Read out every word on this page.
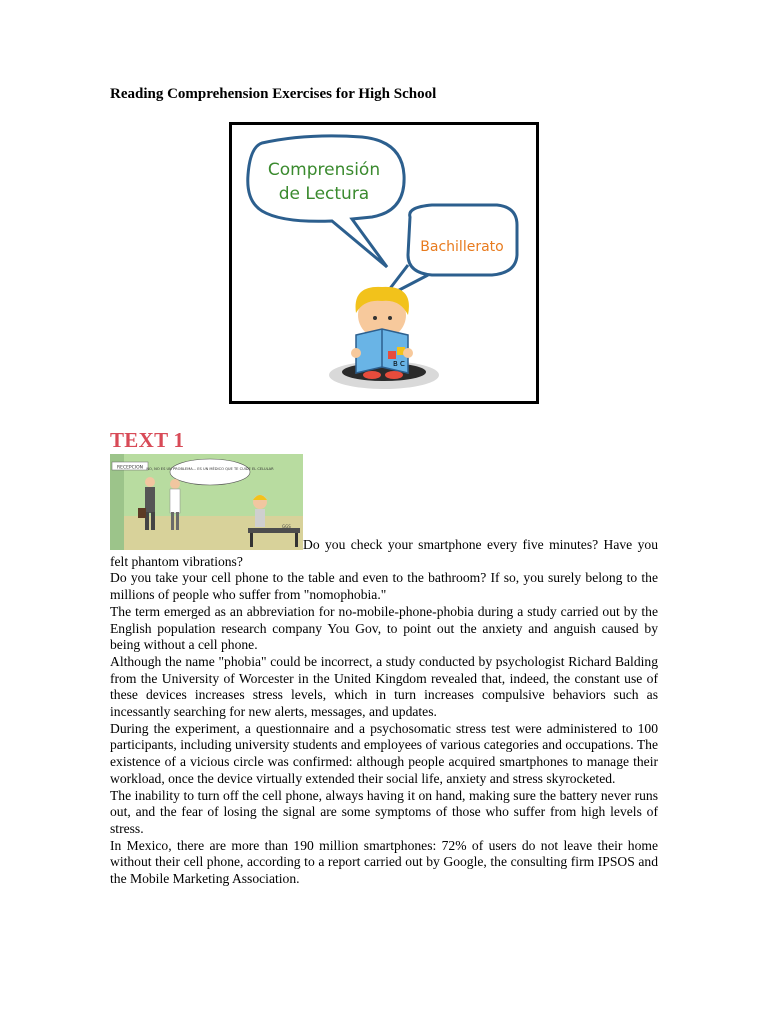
Reading Comprehension Exercises for High School
Comprensión
de Lectura
Bachillerato
B C
TEXT 1
RECEPCION NO, NO ES UN PROBLEMA... ES UN MÉDICO QUE TE CUIDE EL CELULAR
GGS

Do you check your smartphone every five minutes? Have you felt phantom vibrations?

Do you take your cell phone to the table and even to the bathroom? If so, you surely belong to the millions of people who suffer from "nomophobia."

The term emerged as an abbreviation for no-mobile-phone-phobia during a study carried out by the English population research company You Gov, to point out the anxiety and anguish caused by being without a cell phone.

Although the name "phobia" could be incorrect, a study conducted by psychologist Richard Balding from the University of Worcester in the United Kingdom revealed that, indeed, the constant use of these devices increases stress levels, which in turn increases compulsive behaviors such as incessantly searching for new alerts, messages, and updates.

During the experiment, a questionnaire and a psychosomatic stress test were administered to 100 participants, including university students and employees of various categories and occupations. The existence of a vicious circle was confirmed: although people acquired smartphones to manage their workload, once the device virtually extended their social life, anxiety and stress skyrocketed.

The inability to turn off the cell phone, always having it on hand, making sure the battery never runs out, and the fear of losing the signal are some symptoms of those who suffer from high levels of stress.

In Mexico, there are more than 190 million smartphones: 72% of users do not leave their home without their cell phone, according to a report carried out by Google, the consulting firm IPSOS and the Mobile Marketing Association.
